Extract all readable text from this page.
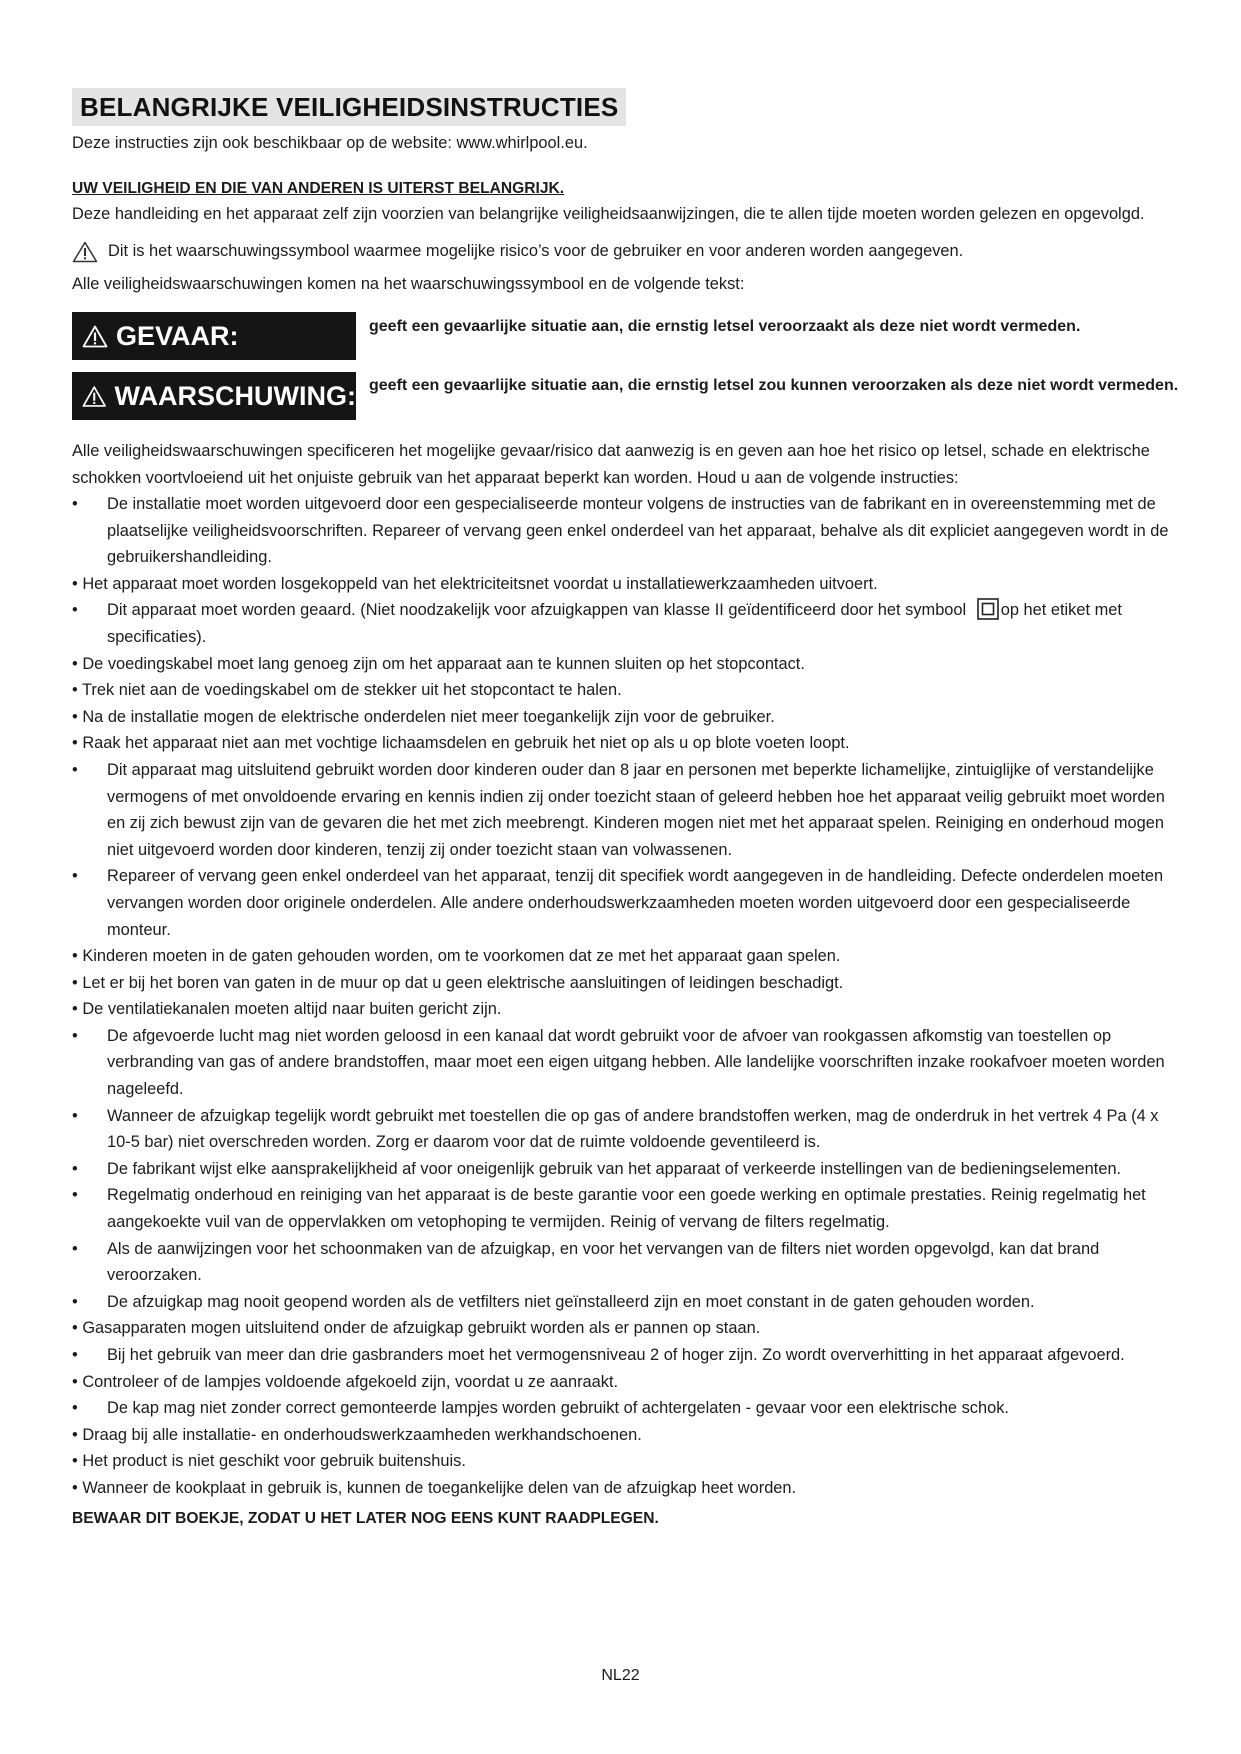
BELANGRIJKE VEILIGHEIDSINSTRUCTIES
Deze instructies zijn ook beschikbaar op de website: www.whirlpool.eu.
UW VEILIGHEID EN DIE VAN ANDEREN IS UITERST BELANGRIJK.
Deze handleiding en het apparaat zelf zijn voorzien van belangrijke veiligheidsaanwijzingen, die te allen tijde moeten worden gelezen en opgevolgd.
Dit is het waarschuwingssymbool waarmee mogelijke risico’s voor de gebruiker en voor anderen worden aangegeven.
Alle veiligheidswaarschuwingen komen na het waarschuwingssymbool en de volgende tekst:
GEVAAR:	geeft een gevaarlijke situatie aan, die ernstig letsel veroorzaakt als deze niet wordt vermeden.
WAARSCHUWING: geeft een gevaarlijke situatie aan, die ernstig letsel zou kunnen veroorzaken als deze niet wordt vermeden.
Alle veiligheidswaarschuwingen specificeren het mogelijke gevaar/risico dat aanwezig is en geven aan hoe het risico op letsel, schade en elektrische schokken voortvloeiend uit het onjuiste gebruik van het apparaat beperkt kan worden. Houd u aan de volgende instructies:
• De installatie moet worden uitgevoerd door een gespecialiseerde monteur volgens de instructies van de fabrikant en in overeenstemming met de plaatselijke veiligheidsvoorschriften. Repareer of vervang geen enkel onderdeel van het apparaat, behalve als dit expliciet aangegeven wordt in de gebruikershandleiding.
• Het apparaat moet worden losgekoppeld van het elektriciteitsnet voordat u installatiewerkzaamheden uitvoert.
• Dit apparaat moet worden geaard. (Niet noodzakelijk voor afzuigkappen van klasse II geïdentificeerd door het symbool op het etiket met specificaties).
• De voedingskabel moet lang genoeg zijn om het apparaat aan te kunnen sluiten op het stopcontact.
• Trek niet aan de voedingskabel om de stekker uit het stopcontact te halen.
• Na de installatie mogen de elektrische onderdelen niet meer toegankelijk zijn voor de gebruiker.
• Raak het apparaat niet aan met vochtige lichaamsdelen en gebruik het niet op als u op blote voeten loopt.
• Dit apparaat mag uitsluitend gebruikt worden door kinderen ouder dan 8 jaar en personen met beperkte lichamelijke, zintuiglijke of verstandelijke vermogens of met onvoldoende ervaring en kennis indien zij onder toezicht staan of geleerd hebben hoe het apparaat veilig gebruikt moet worden en zij zich bewust zijn van de gevaren die het met zich meebrengt. Kinderen mogen niet met het apparaat spelen. Reiniging en onderhoud mogen niet uitgevoerd worden door kinderen, tenzij zij onder toezicht staan van volwassenen.
• Repareer of vervang geen enkel onderdeel van het apparaat, tenzij dit specifiek wordt aangegeven in de handleiding. Defecte onderdelen moeten vervangen worden door originele onderdelen. Alle andere onderhoudswerkzaamheden moeten worden uitgevoerd door een gespecialiseerde monteur.
• Kinderen moeten in de gaten gehouden worden, om te voorkomen dat ze met het apparaat gaan spelen.
• Let er bij het boren van gaten in de muur op dat u geen elektrische aansluitingen of leidingen beschadigt.
• De ventilatiekanalen moeten altijd naar buiten gericht zijn.
• De afgevoerde lucht mag niet worden geloosd in een kanaal dat wordt gebruikt voor de afvoer van rookgassen afkomstig van toestellen op verbranding van gas of andere brandstoffen, maar moet een eigen uitgang hebben. Alle landelijke voorschriften inzake rookafvoer moeten worden nageleefd.
• Wanneer de afzuigkap tegelijk wordt gebruikt met toestellen die op gas of andere brandstoffen werken, mag de onderdruk in het vertrek 4 Pa (4 x 10-5 bar) niet overschreden worden. Zorg er daarom voor dat de ruimte voldoende geventileerd is.
• De fabrikant wijst elke aansprakelijkheid af voor oneigenlijk gebruik van het apparaat of verkeerde instellingen van de bedieningselementen.
• Regelmatig onderhoud en reiniging van het apparaat is de beste garantie voor een goede werking en optimale prestaties. Reinig regelmatig het aangekoekte vuil van de oppervlakken om vetophoping te vermijden. Reinig of vervang de filters regelmatig.
• Als de aanwijzingen voor het schoonmaken van de afzuigkap, en voor het vervangen van de filters niet worden opgevolgd, kan dat brand veroorzaken.
• De afzuigkap mag nooit geopend worden als de vetfilters niet geïnstalleerd zijn en moet constant in de gaten gehouden worden.
• Gasapparaten mogen uitsluitend onder de afzuigkap gebruikt worden als er pannen op staan.
• Bij het gebruik van meer dan drie gasbranders moet het vermogensniveau 2 of hoger zijn. Zo wordt oververhitting in het apparaat afgevoerd.
• Controleer of de lampjes voldoende afgekoeld zijn, voordat u ze aanraakt.
• De kap mag niet zonder correct gemonteerde lampjes worden gebruikt of achtergelaten - gevaar voor een elektrische schok.
• Draag bij alle installatie- en onderhoudswerkzaamheden werkhandschoenen.
• Het product is niet geschikt voor gebruik buitenshuis.
• Wanneer de kookplaat in gebruik is, kunnen de toegankelijke delen van de afzuigkap heet worden.
BEWAAR DIT BOEKJE, ZODAT U HET LATER NOG EENS KUNT RAADPLEGEN.
NL22
